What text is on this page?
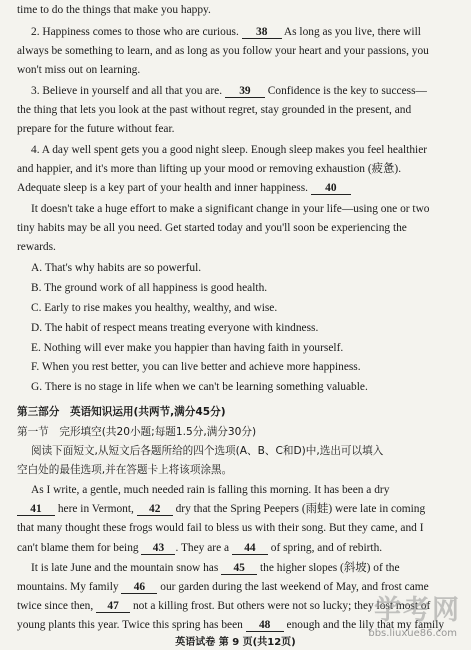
time to do the things that make you happy.
2. Happiness comes to those who are curious. 38 As long as you live, there will
always be something to learn, and as long as you follow your heart and your passions, you
won't miss out on learning.
3. Believe in yourself and all that you are. 39 Confidence is the key to success—
the thing that lets you look at the past without regret, stay grounded in the present, and
prepare for the future without fear.
4. A day well spent gets you a good night sleep. Enough sleep makes you feel healthier
and happier, and it's more than lifting up your mood or removing exhaustion (疲惫).
Adequate sleep is a key part of your health and inner happiness. 40
It doesn't take a huge effort to make a significant change in your life—using one or two
tiny habits may be all you need. Get started today and you'll soon be experiencing the
rewards.
A. That's why habits are so powerful.
B. The ground work of all happiness is good health.
C. Early to rise makes you healthy, wealthy, and wise.
D. The habit of respect means treating everyone with kindness.
E. Nothing will ever make you happier than having faith in yourself.
F. When you rest better, you can live better and achieve more happiness.
G. There is no stage in life when we can't be learning something valuable.
第三部分　英语知识运用(共两节,满分45分)
第一节　完形填空(共20小题;每题1.5分,满分30分)
阅读下面短文,从短文后各题所给的四个选项(A、B、C和D)中,选出可以填入
空白处的最佳选项,并在答题卡上将该项涂黑。
As I write, a gentle, much needed rain is falling this morning. It has been a dry
41 here in Vermont, 42 dry that the Spring Peepers (雨蛙) were late in coming
that many thought these frogs would fail to bless us with their song. But they came, and I
can't blame them for being 43 . They are a 44 of spring, and of rebirth.
It is late June and the mountain snow has 45 the higher slopes (斜坡) of the
mountains. My family 46 our garden during the last weekend of May, and frost came
twice since then, 47 not a killing frost. But others were not so lucky; they lost most of
young plants this year. Twice this spring has been 48 enough and the lily that my family
英语试卷 第 9 页(共12页)
学考网
bbs.liuxue86.com
